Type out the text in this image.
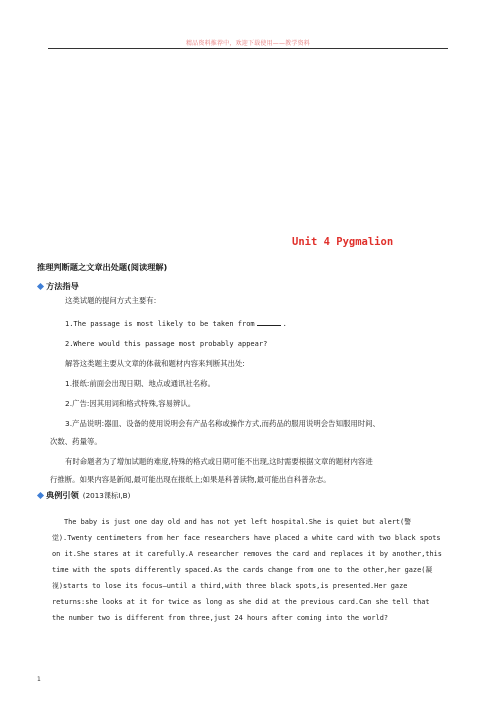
精品资料推荐中，欢迎下载使用——教学资料
Unit 4 Pygmalion
推理判断题之文章出处题(阅读理解)
方法指导
这类试题的提问方式主要有:
1.The passage is most likely to be taken from	.
2.Where would this passage most probably appear?
解答这类题主要从文章的体裁和题材内容来判断其出处:
1.报纸:前面会出现日期、地点或通讯社名称。
2.广告:因其用词和格式特殊,容易辨认。
3.产品说明:器皿、设备的使用说明会有产品名称或操作方式,而药品的服用说明会告知服用时间、
次数、药量等。
有时命题者为了增加试题的难度,特殊的格式或日期可能不出现,这时需要根据文章的题材内容进
行推断。如果内容是新闻,最可能出现在报纸上;如果是科普读物,最可能出自科普杂志。
典例引领 (2013课标Ⅰ,B)
The baby is just one day old and has not yet left hospital.She is quiet but alert(警
觉).Twenty centimeters from her face researchers have placed a white card with two black spots
on it.She stares at it carefully.A researcher removes the card and replaces it by another,this
time with the spots differently spaced.As the cards change from one to the other,her gaze(凝
视)starts to lose its focus—until a third,with three black spots,is presented.Her gaze
returns:she looks at it for twice as long as she did at the previous card.Can she tell that
the number two is different from three,just 24 hours after coming into the world?
1
